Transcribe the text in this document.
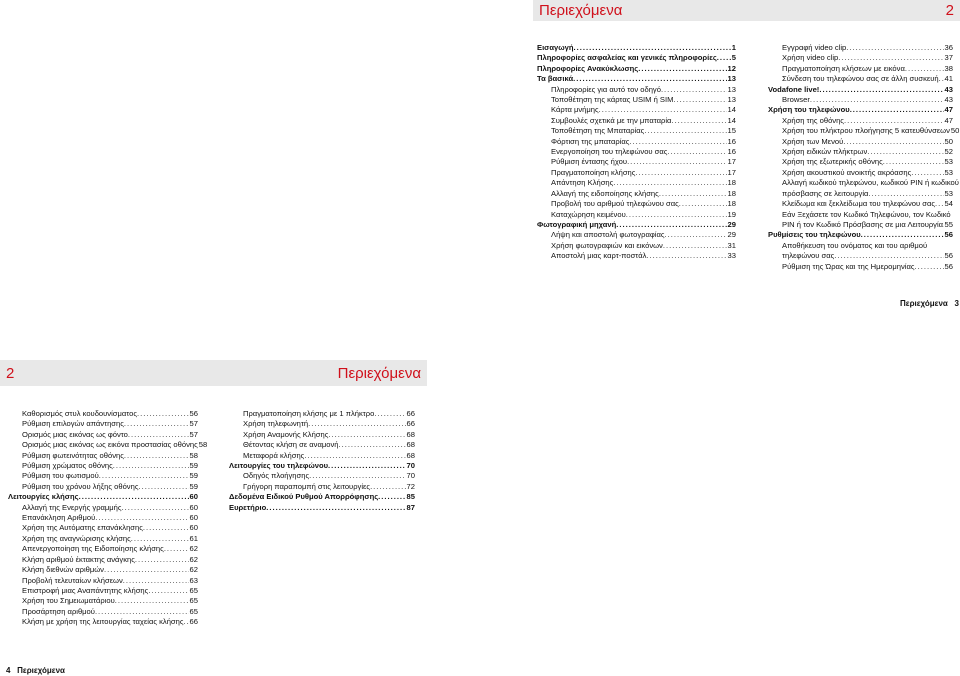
Περιεχόμενα	2
Εισαγωγή .....	1
Πληροφορίες ασφαλείας και γενικές πληροφορίες ..... 5
Πληροφορίες Ανακύκλωσης .....	12
Τα βασικά .....	13
Πληροφορίες για αυτό τον οδηγό .....	13
Τοποθέτηση της κάρτας USIM ή SIM .....	13
Κάρτα μνήμης .....	14
Συμβουλές σχετικά με την μπαταρία .....	14
Τοποθέτηση της Μπαταρίας .....	15
Φόρτιση της μπαταρίας .....	16
Ενεργοποίηση του τηλεφώνου σας .....	16
Ρύθμιση έντασης ήχου .....	17
Πραγματοποίηση κλήσης .....	17
Απάντηση Κλήσης .....	18
Αλλαγή της ειδοποίησης κλήσης .....	18
Προβολή του αριθμού τηλεφώνου σας .....	18
Καταχώρηση κειμένου .....	19
Φωτογραφική μηχανή .....	29
Λήψη και αποστολή φωτογραφίας .....	29
Χρήση φωτογραφιών και εικόνων .....	31
Αποστολή μιας καρτ-ποστάλ .....	33
Εγγραφή video clip .....	36
Χρήση video clip .....	37
Πραγματοποίηση κλήσεων με εικόνα .....	38
Σύνδεση του τηλεφώνου σας σε άλλη συσκευή ..... 41
Vodafone live! .....	43
Browser .....	43
Χρήση του τηλεφώνου .....	47
Χρήση της οθόνης .....	47
Χρήση του πλήκτρου πλοήγησης 5 κατευθύνσεων 50
Χρήση των Μενού .....	50
Χρήση ειδικών πλήκτρων .....	52
Χρήση της εξωτερικής οθόνης .....	53
Χρήση ακουστικού ανοικτής ακρόασης .....	53
Αλλαγή κωδικού τηλεφώνου, κωδικού PIN ή κωδικού
πρόσβασης σε λειτουργία .....	53
Κλείδωμα και ξεκλείδωμα του τηλεφώνου σας ..... 54
Εάν Ξεχάσετε τον Κωδικό Τηλεφώνου, τον Κωδικό
PIN ή τον Κωδικό Πρόσβασης σε μια Λειτουργία ..... 55
Ρυθμίσεις του τηλεφώνου .....	56
Αποθήκευση του ονόματος και του αριθμού
τηλεφώνου σας .....	56
Ρύθμιση της Ώρας και της Ημερομηνίας .....	56
Περιεχόμενα 3
2	Περιεχόμενα
Καθορισμός στυλ κουδουνίσματος .....	56
Ρύθμιση επιλογών απάντησης .....	57
Ορισμός μιας εικόνας ως φόντο .....	57
Ορισμός μιας εικόνας ως εικόνα προστασίας οθόνης 58
Ρύθμιση φωτεινότητας οθόνης .....	58
Ρύθμιση χρώματος οθόνης .....	59
Ρύθμιση του φωτισμού .....	59
Ρύθμιση του χρόνου λήξης οθόνης .....	59
Λειτουργίες κλήσης .....	60
Αλλαγή της Ενεργής γραμμής .....	60
Επανάκληση Αριθμού .....	60
Χρήση της Αυτόματης επανάκλησης .....	60
Χρήση της αναγνώρισης κλήσης .....	61
Απενεργοποίηση της Ειδοποίησης κλήσης .....	62
Κλήση αριθμού έκτακτης ανάγκης .....	62
Κλήση διεθνών αριθμών .....	62
Προβολή τελευταίων κλήσεων .....	63
Επιστροφή μιας Αναπάντητης κλήσης .....	65
Χρήση του Σημειωματάριου .....	65
Προσάρτηση αριθμού .....	65
Κλήση με χρήση της λειτουργίας ταχείας κλήσης ..... 66
Πραγματοποίηση κλήσης με 1 πλήκτρο .....	66
Χρήση τηλεφωνητή .....	66
Χρήση Αναμονής Κλήσης .....	68
Θέτοντας κλήση σε αναμονή .....	68
Μεταφορά κλήσης .....	68
Λειτουργίες του τηλεφώνου .....	70
Οδηγός πλοήγησης .....	70
Γρήγορη παραπομπή στις λειτουργίες .....	72
Δεδομένα Ειδικού Ρυθμού Απορρόφησης .....	85
Ευρετήριο .....	87
4 Περιεχόμενα
